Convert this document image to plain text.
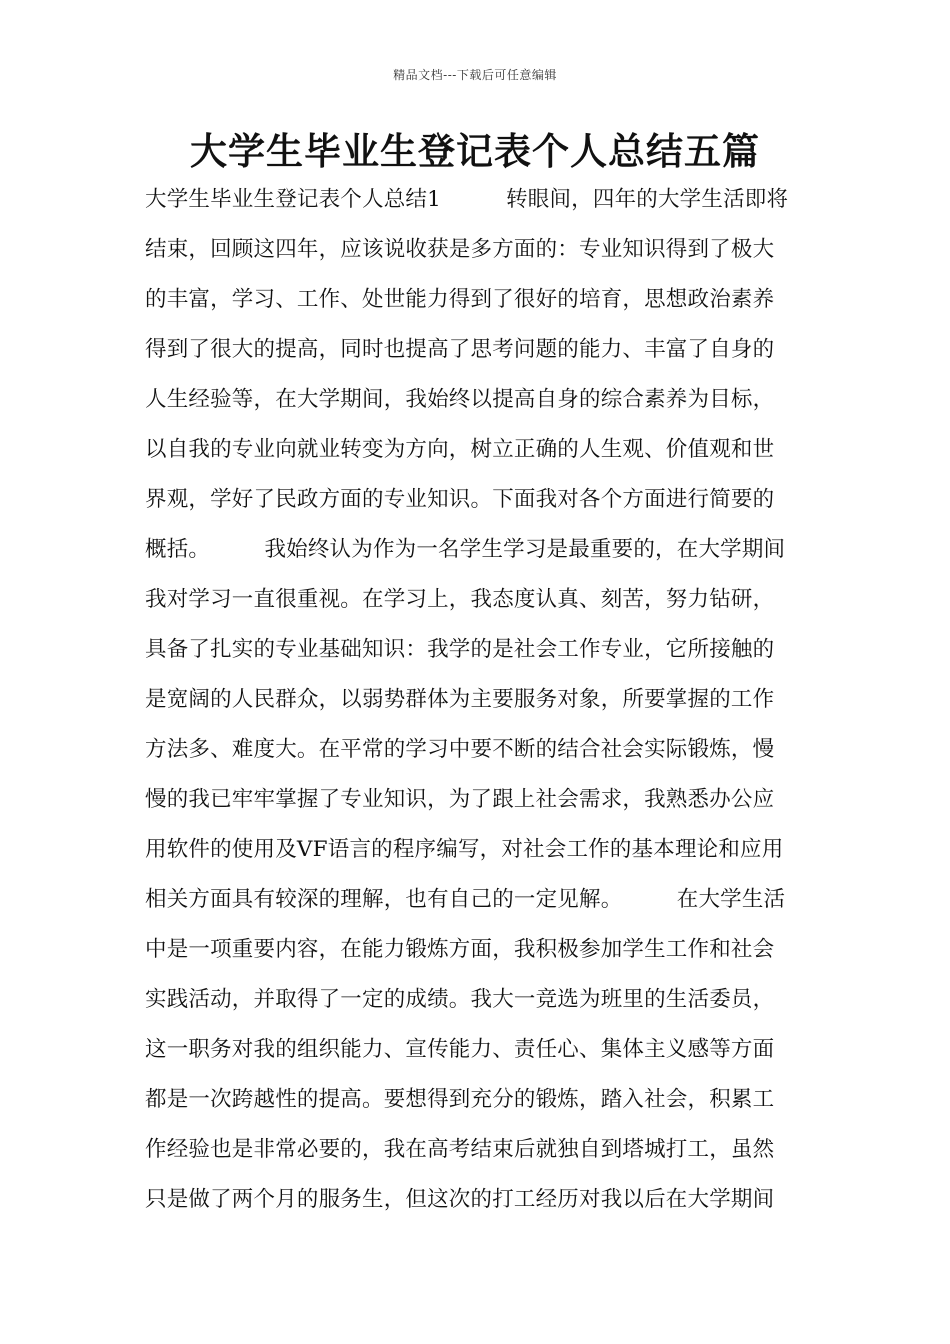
精品文档---下载后可任意编辑
大学生毕业生登记表个人总结五篇
大学生毕业生登记表个人总结1　　　转眼间，四年的大学生活即将
结束，回顾这四年，应该说收获是多方面的：专业知识得到了极大
的丰富，学习、工作、处世能力得到了很好的培育，思想政治素养
得到了很大的提高，同时也提高了思考问题的能力、丰富了自身的
人生经验等，在大学期间，我始终以提高自身的综合素养为目标，
以自我的专业向就业转变为方向，树立正确的人生观、价值观和世
界观，学好了民政方面的专业知识。下面我对各个方面进行简要的
概括。　　　我始终认为作为一名学生学习是最重要的，在大学期间
我对学习一直很重视。在学习上，我态度认真、刻苦，努力钻研，
具备了扎实的专业基础知识：我学的是社会工作专业，它所接触的
是宽阔的人民群众，以弱势群体为主要服务对象，所要掌握的工作
方法多、难度大。在平常的学习中要不断的结合社会实际锻炼，慢
慢的我已牢牢掌握了专业知识，为了跟上社会需求，我熟悉办公应
用软件的使用及VF语言的程序编写，对社会工作的基本理论和应用
相关方面具有较深的理解，也有自己的一定见解。　　　在大学生活
中是一项重要内容，在能力锻炼方面，我积极参加学生工作和社会
实践活动，并取得了一定的成绩。我大一竞选为班里的生活委员，
这一职务对我的组织能力、宣传能力、责任心、集体主义感等方面
都是一次跨越性的提高。要想得到充分的锻炼，踏入社会，积累工
作经验也是非常必要的，我在高考结束后就独自到塔城打工，虽然
只是做了两个月的服务生，但这次的打工经历对我以后在大学期间
